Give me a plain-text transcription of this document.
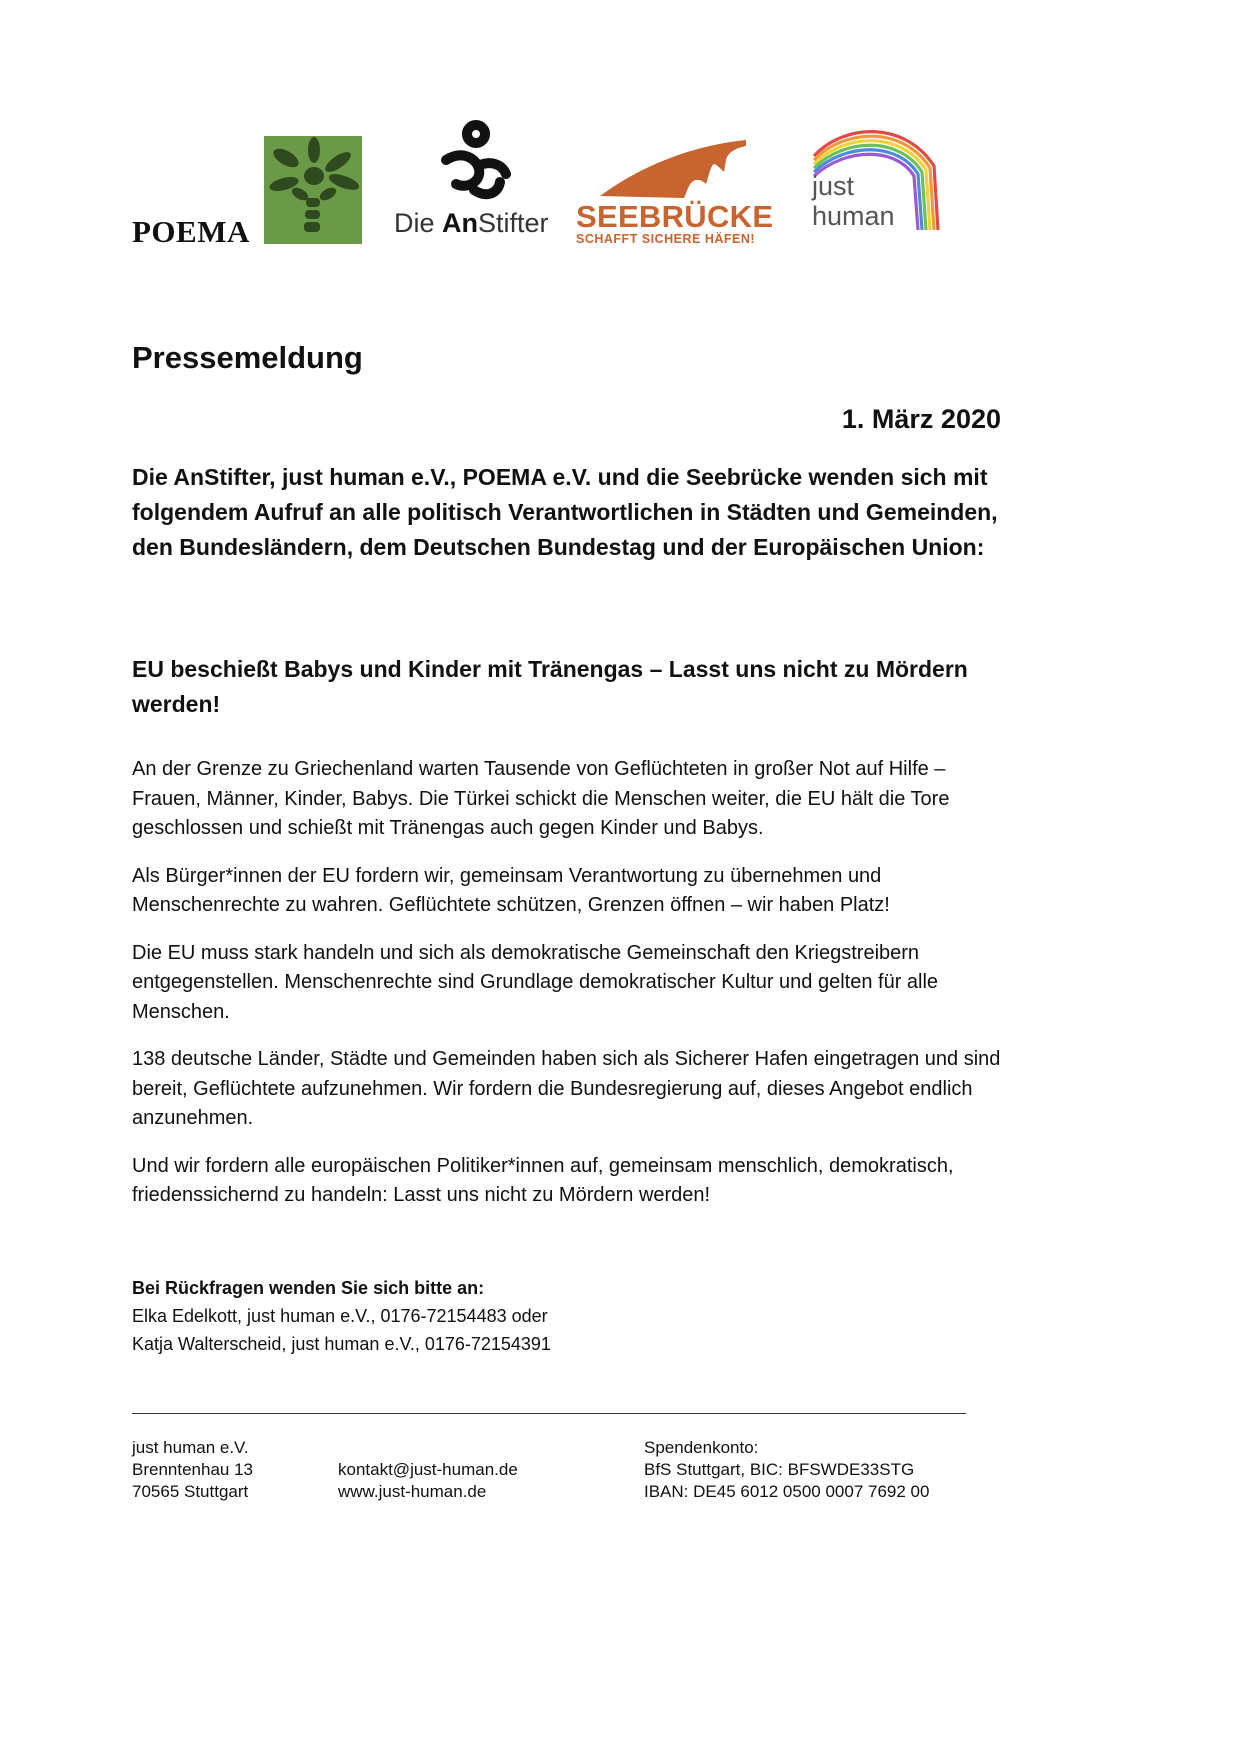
POEMA	Die AnStifter SEEBRÜCKE
SCHAFFT SICHERE HÄFEN!
just
human
Pressemeldung
1. März 2020

Die AnStifter, just human e.V., POEMA e.V. und die Seebrücke wenden sich mit folgendem Aufruf an alle politisch Verantwortlichen in Städten und Gemeinden, den Bundesländern, dem Deutschen Bundestag und der Europäischen Union:

EU beschießt Babys und Kinder mit Tränengas – Lasst uns nicht zu Mördern werden!

An der Grenze zu Griechenland warten Tausende von Geflüchteten in großer Not auf Hilfe – Frauen, Männer, Kinder, Babys. Die Türkei schickt die Menschen weiter, die EU hält die Tore geschlossen und schießt mit Tränengas auch gegen Kinder und Babys.

Als Bürger*innen der EU fordern wir, gemeinsam Verantwortung zu übernehmen und Menschenrechte zu wahren. Geflüchtete schützen, Grenzen öffnen – wir haben Platz!

Die EU muss stark handeln und sich als demokratische Gemeinschaft den Kriegstreibern entgegenstellen. Menschenrechte sind Grundlage demokratischer Kultur und gelten für alle Menschen.

138 deutsche Länder, Städte und Gemeinden haben sich als Sicherer Hafen eingetragen und sind bereit, Geflüchtete aufzunehmen. Wir fordern die Bundesregierung auf, dieses Angebot endlich anzunehmen.

Und wir fordern alle europäischen Politiker*innen auf, gemeinsam menschlich, demokratisch, friedenssichernd zu handeln: Lasst uns nicht zu Mördern werden!

Bei Rückfragen wenden Sie sich bitte an:
Elka Edelkott, just human e.V., 0176-72154483 oder
Katja Walterscheid, just human e.V., 0176-72154391
just human e.V.
Brenntenhau 13
70565 Stuttgart
kontakt@just-human.de
www.just-human.de
Spendenkonto:
BfS Stuttgart, BIC: BFSWDE33STG
IBAN: DE45 6012 0500 0007 7692 00
